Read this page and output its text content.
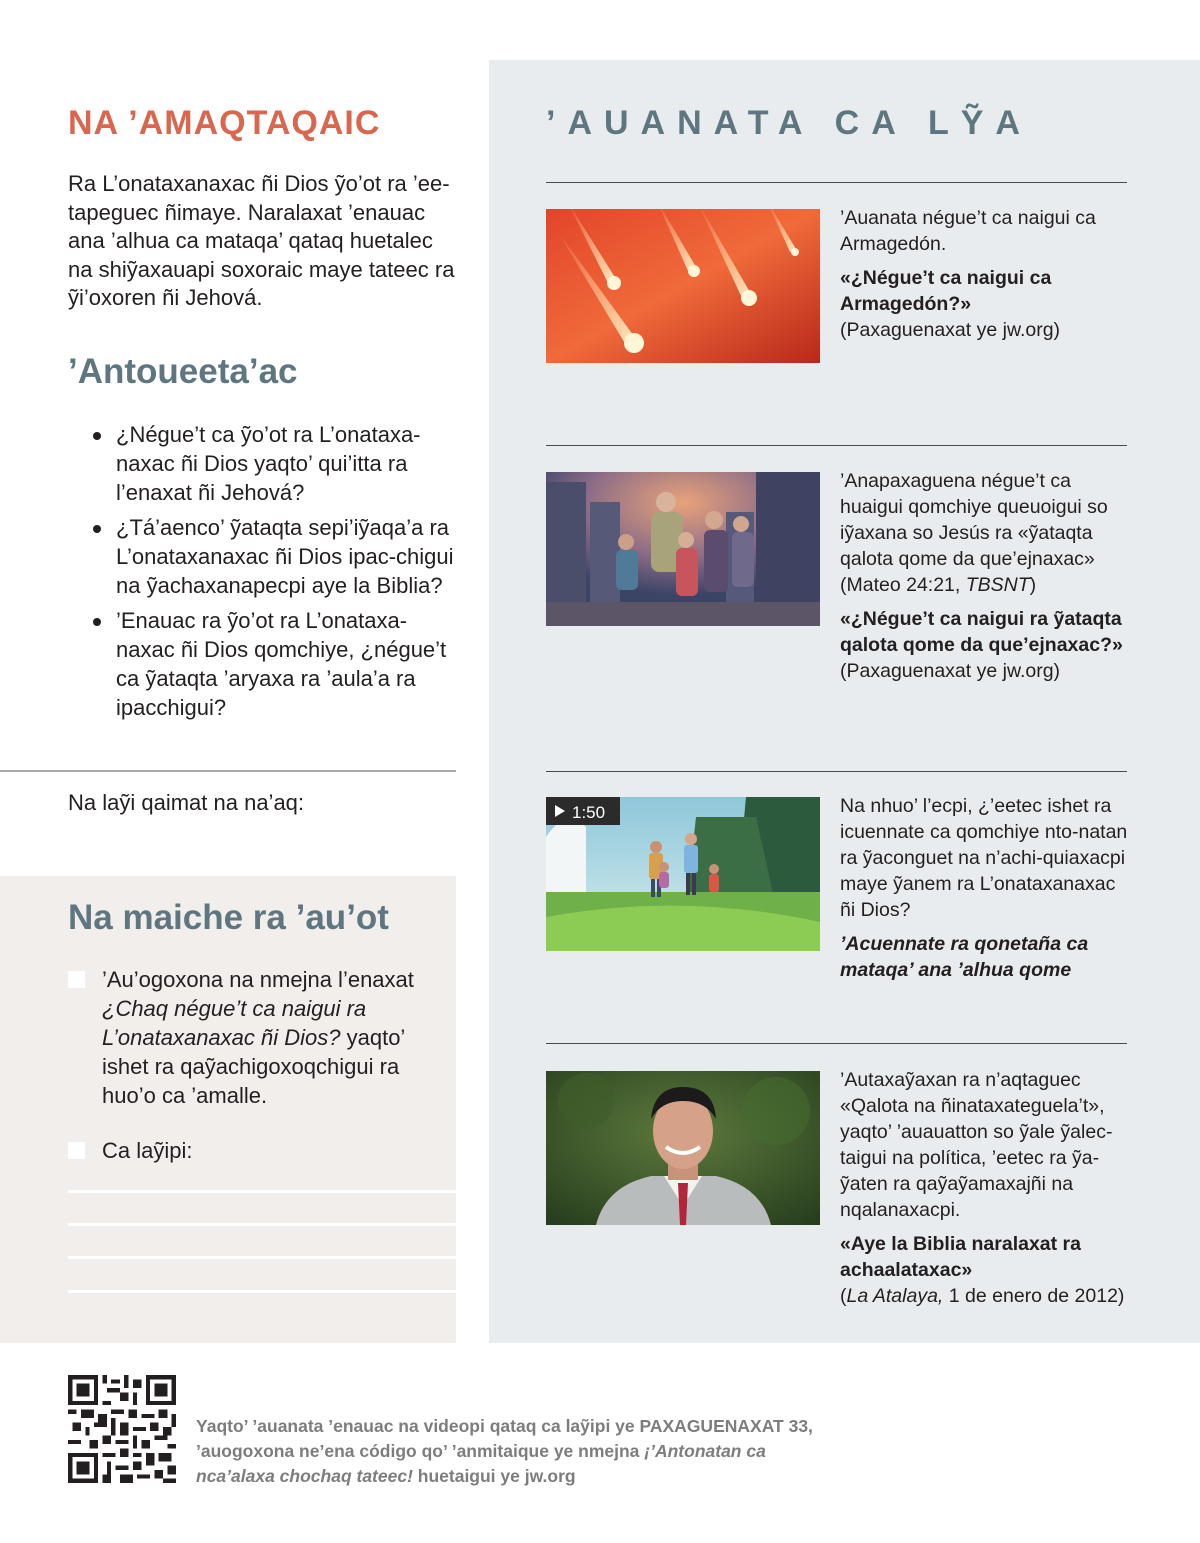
NA ’AMAQTAQAIC

Ra L’onataxanaxac ñi Dios ỹo’ot ra ’ee-tapeguec ñimaye. Naralaxat ’enauac ana ’alhua ca mataqa’ qataq huetalec na shiỹaxauapi soxoraic maye tateec ra ỹi’oxoren ñi Jehová.

’Antoueeta’ac
¿Négue’t ca ỹo’ot ra L’onataxa-naxac ñi Dios yaqto’ qui’itta ra l’enaxat ñi Jehová?
¿Tá’aenco’ ỹataqta sepi’iỹaqa’a ra L’onataxanaxac ñi Dios ipac-chigui na ỹachaxanapecpi aye la Biblia?
’Enauac ra ỹo’ot ra L’onataxa-naxac ñi Dios qomchiye, ¿négue’t ca ỹataqta ’aryaxa ra ’aula’a ra ipacchigui?

Na laỹi qaimat na na’aq:

Na maiche ra ’au’ot
’Au’ogoxona na nmejna l’enaxat ¿Chaq négue’t ca naigui ra L’onataxanaxac ñi Dios? yaqto’ ishet ra qaỹachigoxoqchigui ra huo’o ca ’amalle.
Ca laỹipi:
’AUANATA CA LỸA
’Auanata négue’t ca naigui ca Armagedón.
«¿Négue’t ca naigui ca Armagedón?»
(Paxaguenaxat ye jw.org)
’Anapaxaguena négue’t ca huaigui qomchiye queuoigui so iỹaxana so Jesús ra «ỹataqta qalota qome da que’ejnaxac» (Mateo 24:21, TBSNT)
«¿Négue’t ca naigui ra ỹataqta qalota qome da que’ejnaxac?»
(Paxaguenaxat ye jw.org)
1:50	Na nhuo’ l’ecpi, ¿’eetec ishet ra icuennate ca qomchiye nto-natan ra ỹaconguet na n’achi-quiaxacpi maye ỹanem ra L’onataxanaxac ñi Dios?
’Acuennate ra qonetaña ca mataqa’ ana ’alhua qome
’Autaxaỹaxan ra n’aqtaguec «Qalota na ñinataxateguela’t», yaqto’ ’auauatton so ỹale ỹalec-taigui na política, ’eetec ra ỹa-ỹaten ra qaỹaỹamaxajñi na nqalanaxacpi.
«Aye la Biblia naralaxat ra achaalataxac»
(La Atalaya, 1 de enero de 2012)

Yaqto’ ’auanata ’enauac na videopi qataq ca laỹipi ye PAXAGUENAXAT 33, ’auogoxona ne’ena código qo’ ’anmitaique ye nmejna ¡’Antonatan ca nca’alaxa chochaq tateec! huetaigui ye jw.org
